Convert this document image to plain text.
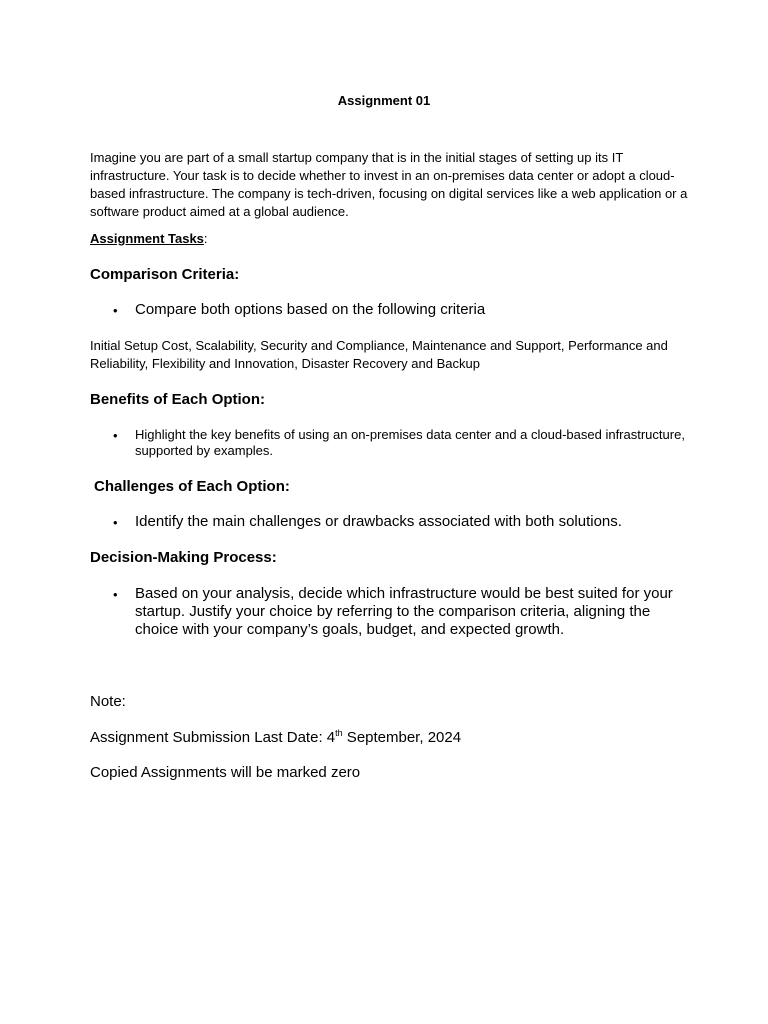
Assignment 01

Imagine you are part of a small startup company that is in the initial stages of setting up its IT infrastructure. Your task is to decide whether to invest in an on-premises data center or adopt a cloud-based infrastructure. The company is tech-driven, focusing on digital services like a web application or a software product aimed at a global audience.

Assignment Tasks:

Comparison Criteria:

• Compare both options based on the following criteria

Initial Setup Cost, Scalability, Security and Compliance, Maintenance and Support, Performance and Reliability, Flexibility and Innovation, Disaster Recovery and Backup

Benefits of Each Option:

• Highlight the key benefits of using an on-premises data center and a cloud-based infrastructure, supported by examples.

Challenges of Each Option:

• Identify the main challenges or drawbacks associated with both solutions.

Decision-Making Process:

• Based on your analysis, decide which infrastructure would be best suited for your startup. Justify your choice by referring to the comparison criteria, aligning the choice with your company’s goals, budget, and expected growth.

Note:

Assignment Submission Last Date: 4th September, 2024

Copied Assignments will be marked zero
